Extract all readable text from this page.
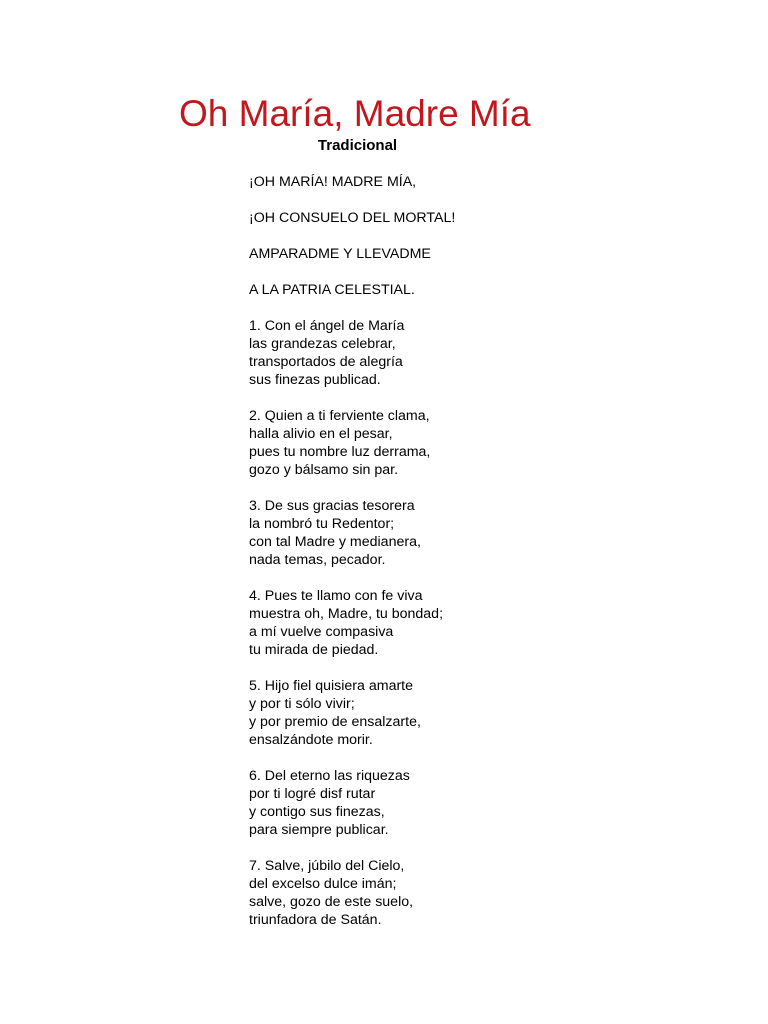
Oh María, Madre Mía
Tradicional
¡OH MARÍA! MADRE MÍA,
¡OH CONSUELO DEL MORTAL!
AMPARADME Y LLEVADME
A LA PATRIA CELESTIAL.
1. Con el ángel de María
las grandezas celebrar,
transportados de alegría
sus finezas publicad.
2. Quien a ti ferviente clama,
halla alivio en el pesar,
pues tu nombre luz derrama,
gozo y bálsamo sin par.
3. De sus gracias tesorera
la nombró tu Redentor;
con tal Madre y medianera,
nada temas, pecador.
4. Pues te llamo con fe viva
muestra oh, Madre, tu bondad;
a mí vuelve compasiva
tu mirada de piedad.
5. Hijo fiel quisiera amarte
y por ti sólo vivir;
y por premio de ensalzarte,
ensalzándote morir.
6. Del eterno las riquezas
por ti logré disf rutar
y contigo sus finezas,
para siempre publicar.
7. Salve, júbilo del Cielo,
del excelso dulce imán;
salve, gozo de este suelo,
triunfadora de Satán.
